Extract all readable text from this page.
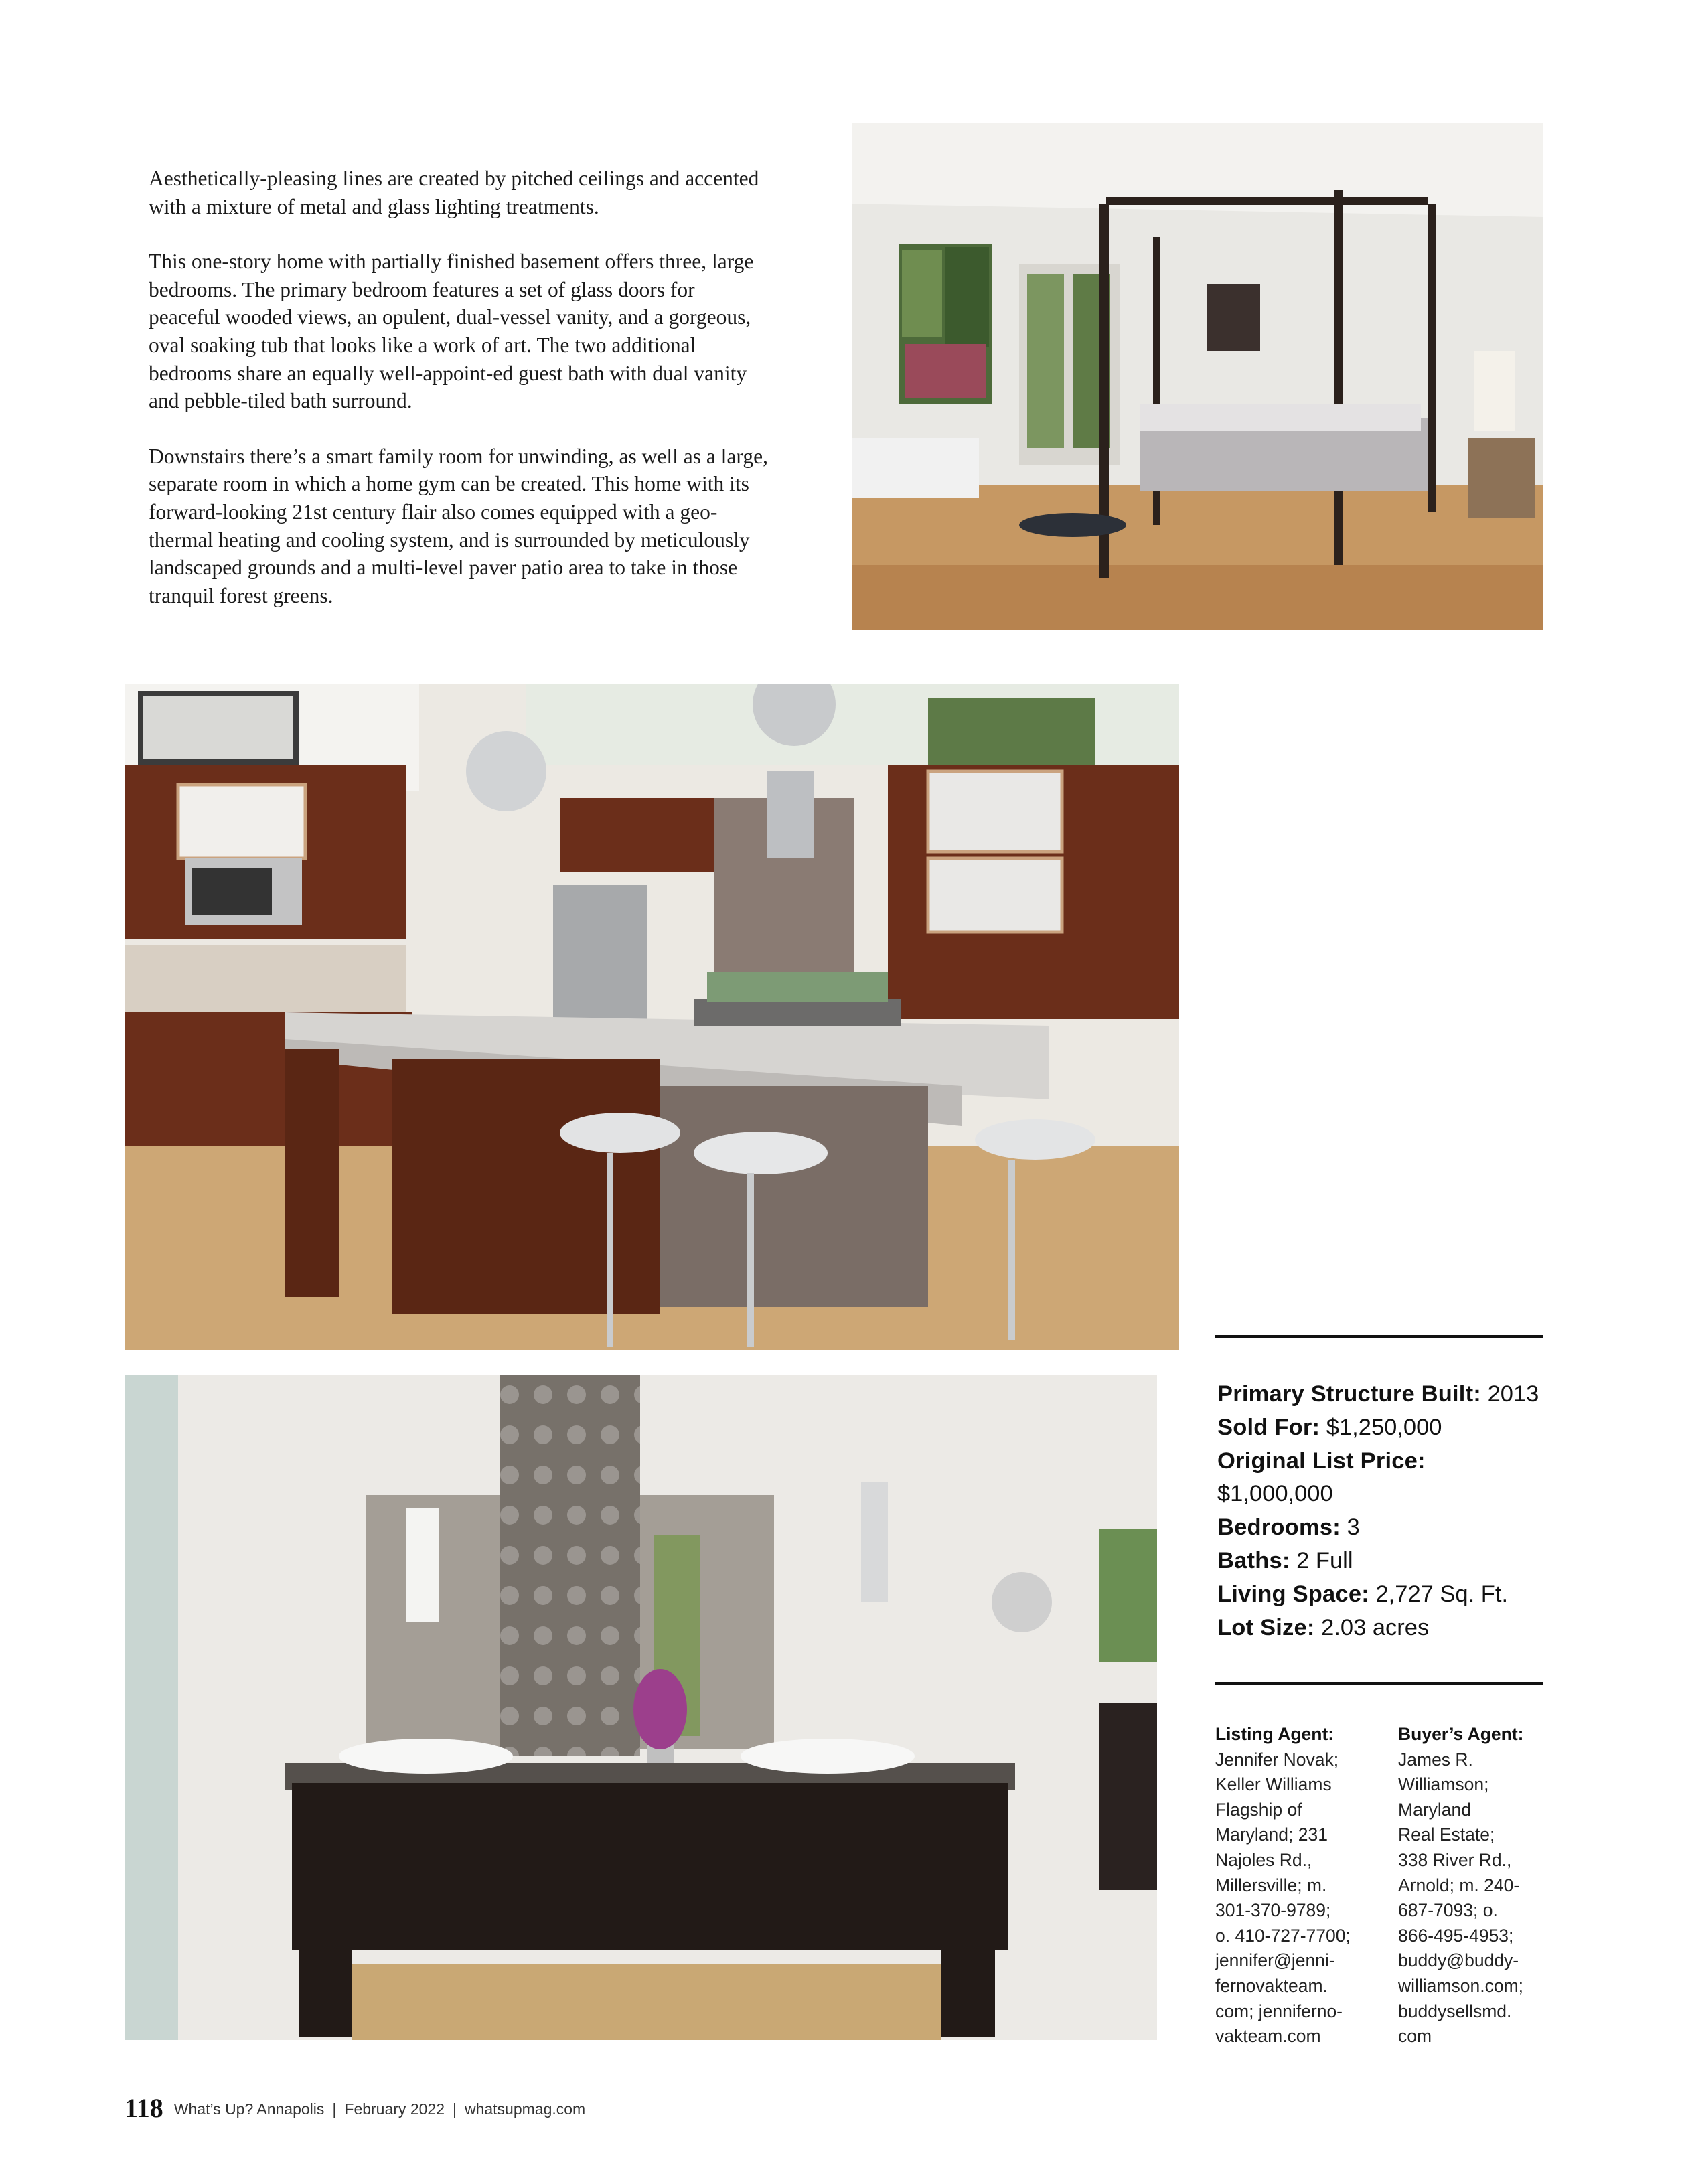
Aesthetically-pleasing lines are created by pitched ceilings and accented with a mixture of metal and glass lighting treatments.

This one-story home with partially finished basement offers three, large bedrooms. The primary bedroom features a set of glass doors for peaceful wooded views, an opulent, dual-vessel vanity, and a gorgeous, oval soaking tub that looks like a work of art. The two additional bedrooms share an equally well-appoint-ed guest bath with dual vanity and pebble-tiled bath surround.

Downstairs there’s a smart family room for unwinding, as well as a large, separate room in which a home gym can be created. This home with its forward-looking 21st century flair also comes equipped with a geo-thermal heating and cooling system, and is surrounded by meticulously landscaped grounds and a multi-level paver patio area to take in those tranquil forest greens.

Primary Structure Built: 2013
Sold For: $1,250,000
Original List Price:
$1,000,000
Bedrooms: 3
Baths: 2 Full
Living Space: 2,727 Sq. Ft.
Lot Size: 2.03 acres
Listing Agent:
Jennifer Novak;
Keller Williams
Flagship of
Maryland; 231
Najoles Rd.,
Millersville; m.
301-370-9789;
o. 410-727-7700;
jennifer@jenni-
fernovakteam.
com; jenniferno-
vakteam.com
Buyer’s Agent:
James R.
Williamson;
Maryland
Real Estate;
338 River Rd.,
Arnold; m. 240-
687-7093; o.
866-495-4953;
buddy@buddy-
williamson.com;
buddysellsmd.
com
118 What’s Up? Annapolis | February 2022 | whatsupmag.com
